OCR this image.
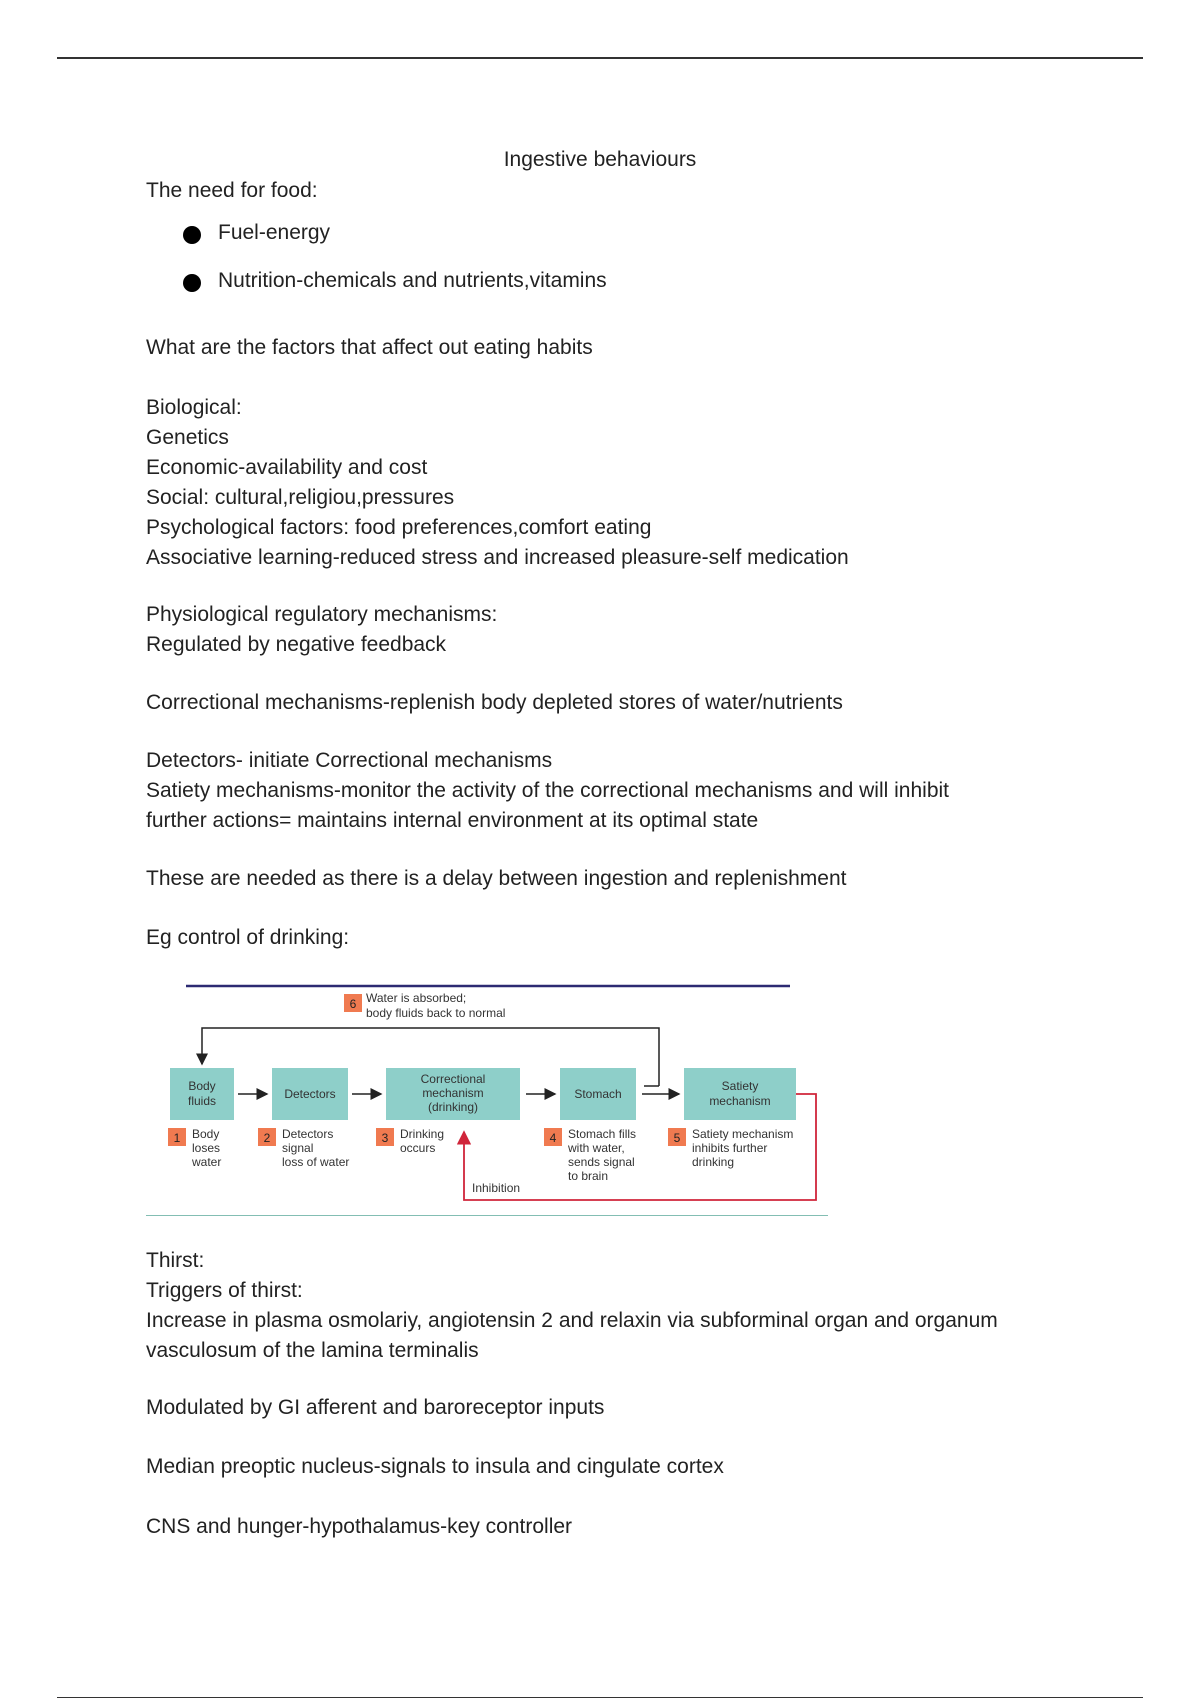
Ingestive behaviours
The need for food:
Fuel-energy
Nutrition-chemicals and nutrients,vitamins
What are the factors that affect out eating habits

Biological:

Genetics

Economic-availability and cost

Social: cultural,religiou,pressures

Psychological factors: food preferences,comfort eating

Associative learning-reduced stress and increased pleasure-self medication

Physiological regulatory mechanisms:

Regulated by negative feedback

Correctional mechanisms-replenish body depleted stores of water/nutrients

Detectors- initiate Correctional mechanisms

Satiety mechanisms-monitor the activity of the correctional mechanisms and will inhibit

further actions= maintains internal environment at its optimal state

These are needed as there is a delay between ingestion and replenishment
Eg control of drinking:
6 Water is absorbed;
body fluids back to normal
Body
fluids	Detectors
Correctional
mechanism
(drinking)
Stomach
Satiety
mechanism
Inhibition
1 Body
loses
water
2 Detectors
signal
loss of water
3 Drinking
occurs
4 Stomach fills
with water,
sends signal
to brain
5 Satiety mechanism
inhibits further
drinking

Thirst:

Triggers of thirst:

Increase in plasma osmolariy, angiotensin 2 and relaxin via subforminal organ and organum

vasculosum of the lamina terminalis

Modulated by GI afferent and baroreceptor inputs
Median preoptic nucleus-signals to insula and cingulate cortex
CNS and hunger-hypothalamus-key controller
